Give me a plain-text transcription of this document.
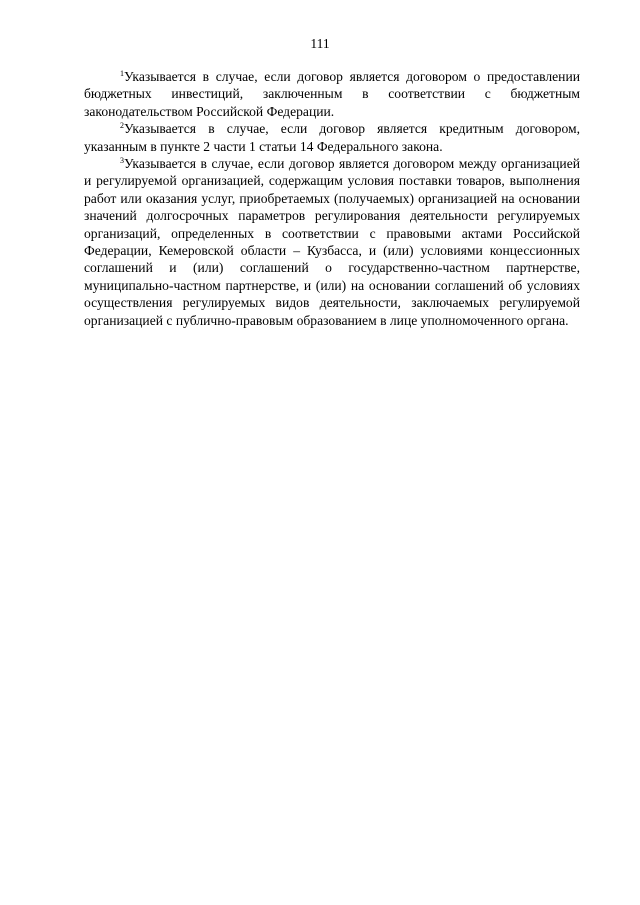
111

$^1$Указывается в случае, если договор является договором о предоставлении бюджетных инвестиций, заключенным в соответствии с бюджетным законодательством Российской Федерации.

$^2$Указывается в случае, если договор является кредитным договором, указанным в пункте 2 части 1 статьи 14 Федерального закона.

$^3$Указывается в случае, если договор является договором между организацией и регулируемой организацией, содержащим условия поставки товаров, выполнения работ или оказания услуг, приобретаемых (получаемых) организацией на основании значений долгосрочных параметров регулирования деятельности регулируемых организаций, определенных в соответствии с правовыми актами Российской Федерации, Кемеровской области – Кузбасса, и (или) условиями концессионных соглашений и (или) соглашений о государственно-частном партнерстве, муниципально-частном партнерстве, и (или) на основании соглашений об условиях осуществления регулируемых видов деятельности, заключаемых регулируемой организацией с публично-правовым образованием в лице уполномоченного органа.
